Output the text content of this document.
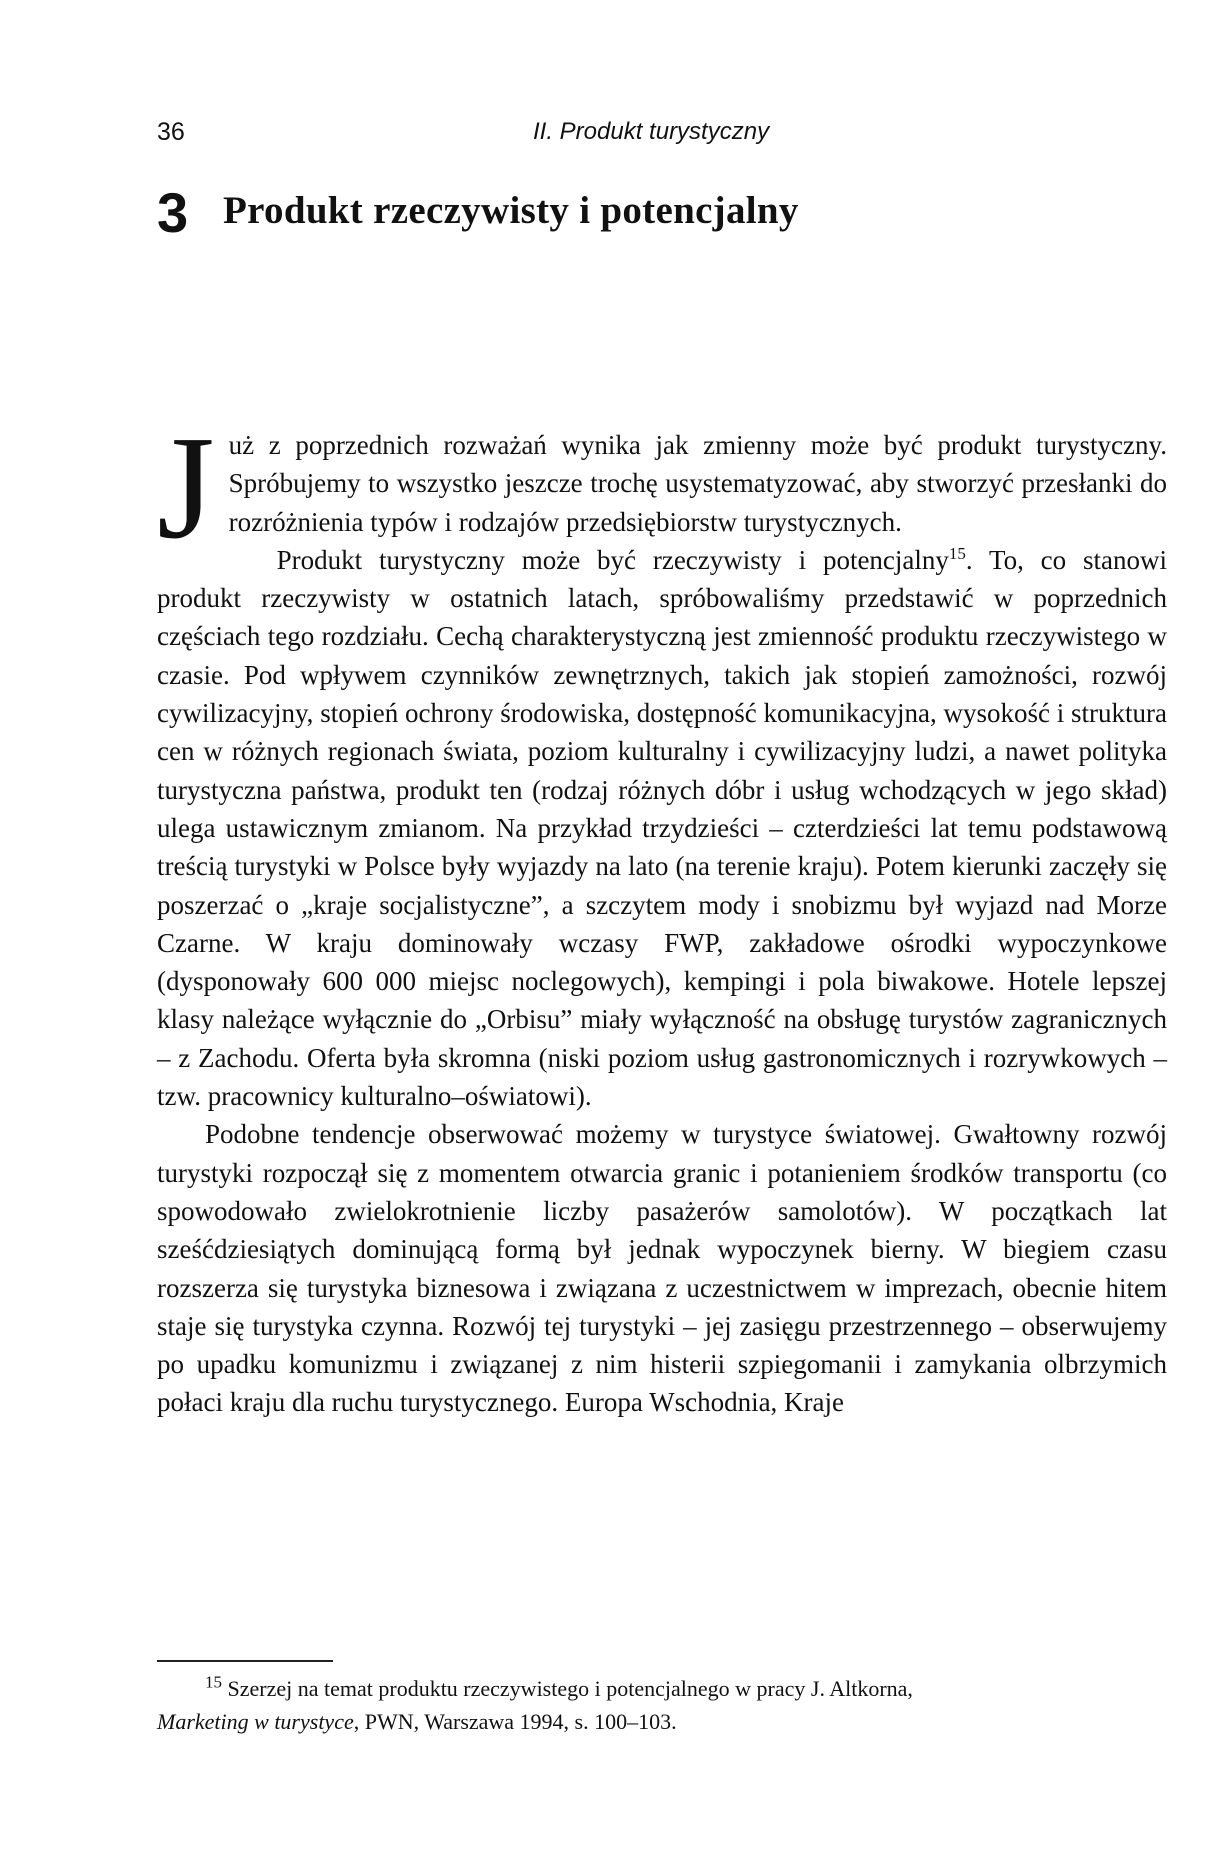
36	II. Produkt turystyczny
3 Produkt rzeczywisty i potencjalny

Już z poprzednich rozważań wynika jak zmienny może być produkt turystyczny. Spróbujemy to wszystko jeszcze trochę usystematyzować, aby stworzyć przesłanki do rozróżnienia typów i rodzajów przedsiębiorstw turystycznych.

Produkt turystyczny może być rzeczywisty i potencjalny$^{15}$. To, co stanowi produkt rzeczywisty w ostatnich latach, spróbowaliśmy przedstawić w poprzednich częściach tego rozdziału. Cechą charakterystyczną jest zmienność produktu rzeczywistego w czasie. Pod wpływem czynników zewnętrznych, takich jak stopień zamożności, rozwój cywilizacyjny, stopień ochrony środowiska, dostępność komunikacyjna, wysokość i struktura cen w różnych regionach świata, poziom kulturalny i cywilizacyjny ludzi, a nawet polityka turystyczna państwa, produkt ten (rodzaj różnych dóbr i usług wchodzących w jego skład) ulega ustawicznym zmianom. Na przykład trzydzieści – czterdzieści lat temu podstawową treścią turystyki w Polsce były wyjazdy na lato (na terenie kraju). Potem kierunki zaczęły się poszerzać o „kraje socjalistyczne”, a szczytem mody i snobizmu był wyjazd nad Morze Czarne. W kraju dominowały wczasy FWP, zakładowe ośrodki wypoczynkowe (dysponowały 600 000 miejsc noclegowych), kempingi i pola biwakowe. Hotele lepszej klasy należące wyłącznie do „Orbisu” miały wyłączność na obsługę turystów zagranicznych – z Zachodu. Oferta była skromna (niski poziom usług gastronomicznych i rozrywkowych – tzw. pracownicy kulturalno–oświatowi).

Podobne tendencje obserwować możemy w turystyce światowej. Gwałtowny rozwój turystyki rozpoczął się z momentem otwarcia granic i potanieniem środków transportu (co spowodowało zwielokrotnienie liczby pasażerów samolotów). W początkach lat sześćdziesiątych dominującą formą był jednak wypoczynek bierny. W biegiem czasu rozszerza się turystyka biznesowa i związana z uczestnictwem w imprezach, obecnie hitem staje się turystyka czynna. Rozwój tej turystyki – jej zasięgu przestrzennego – obserwujemy po upadku komunizmu i związanej z nim histerii szpiegomanii i zamykania olbrzymich połaci kraju dla ruchu turystycznego. Europa Wschodnia, Kraje

$^{15}$ Szerzej na temat produktu rzeczywistego i potencjalnego w pracy J. Altkorna,
Marketing w turystyce, PWN, Warszawa 1994, s. 100–103.
